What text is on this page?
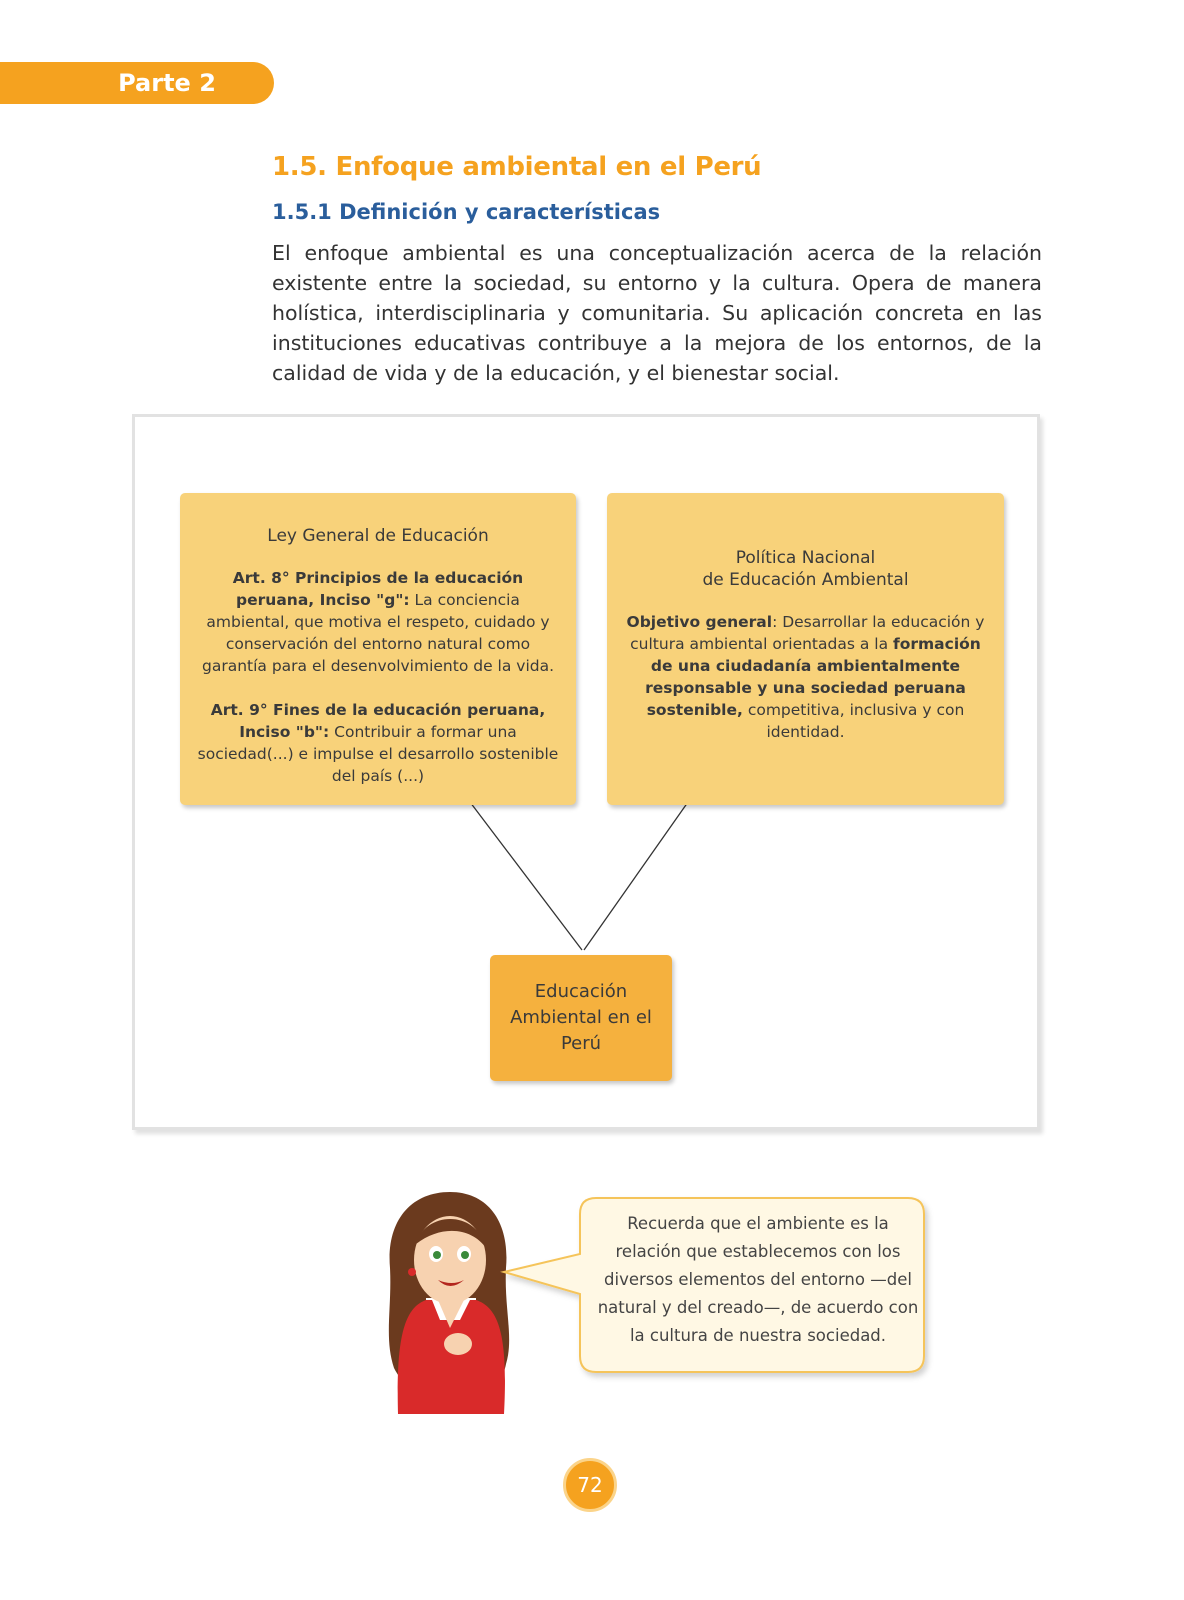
Parte 2
1.5. Enfoque ambiental en el Perú
1.5.1 Definición y características

El enfoque ambiental es una conceptualización acerca de la relación existente entre la sociedad, su entorno y la cultura. Opera de manera holística, interdisciplinaria y comunitaria. Su aplicación concreta en las instituciones educativas contribuye a la mejora de los entornos, de la calidad de vida y de la educación, y el bienestar social.

Ley General de Educación

Art. 8° Principios de la educación peruana, Inciso "g": La conciencia ambiental, que motiva el respeto, cuidado y conservación del entorno natural como garantía para el desenvolvimiento de la vida.

Art. 9° Fines de la educación peruana, Inciso "b": Contribuir a formar una sociedad(...) e impulse el desarrollo sostenible del país (...)

Política Nacional
de Educación Ambiental

Objetivo general: Desarrollar la educación y cultura ambiental orientadas a la formación de una ciudadanía ambientalmente responsable y una sociedad peruana sostenible, competitiva, inclusiva y con identidad.

Educación Ambiental en el Perú

Recuerda que el ambiente es la relación que establecemos con los diversos elementos del entorno —del natural y del creado—, de acuerdo con la cultura de nuestra sociedad.

72
